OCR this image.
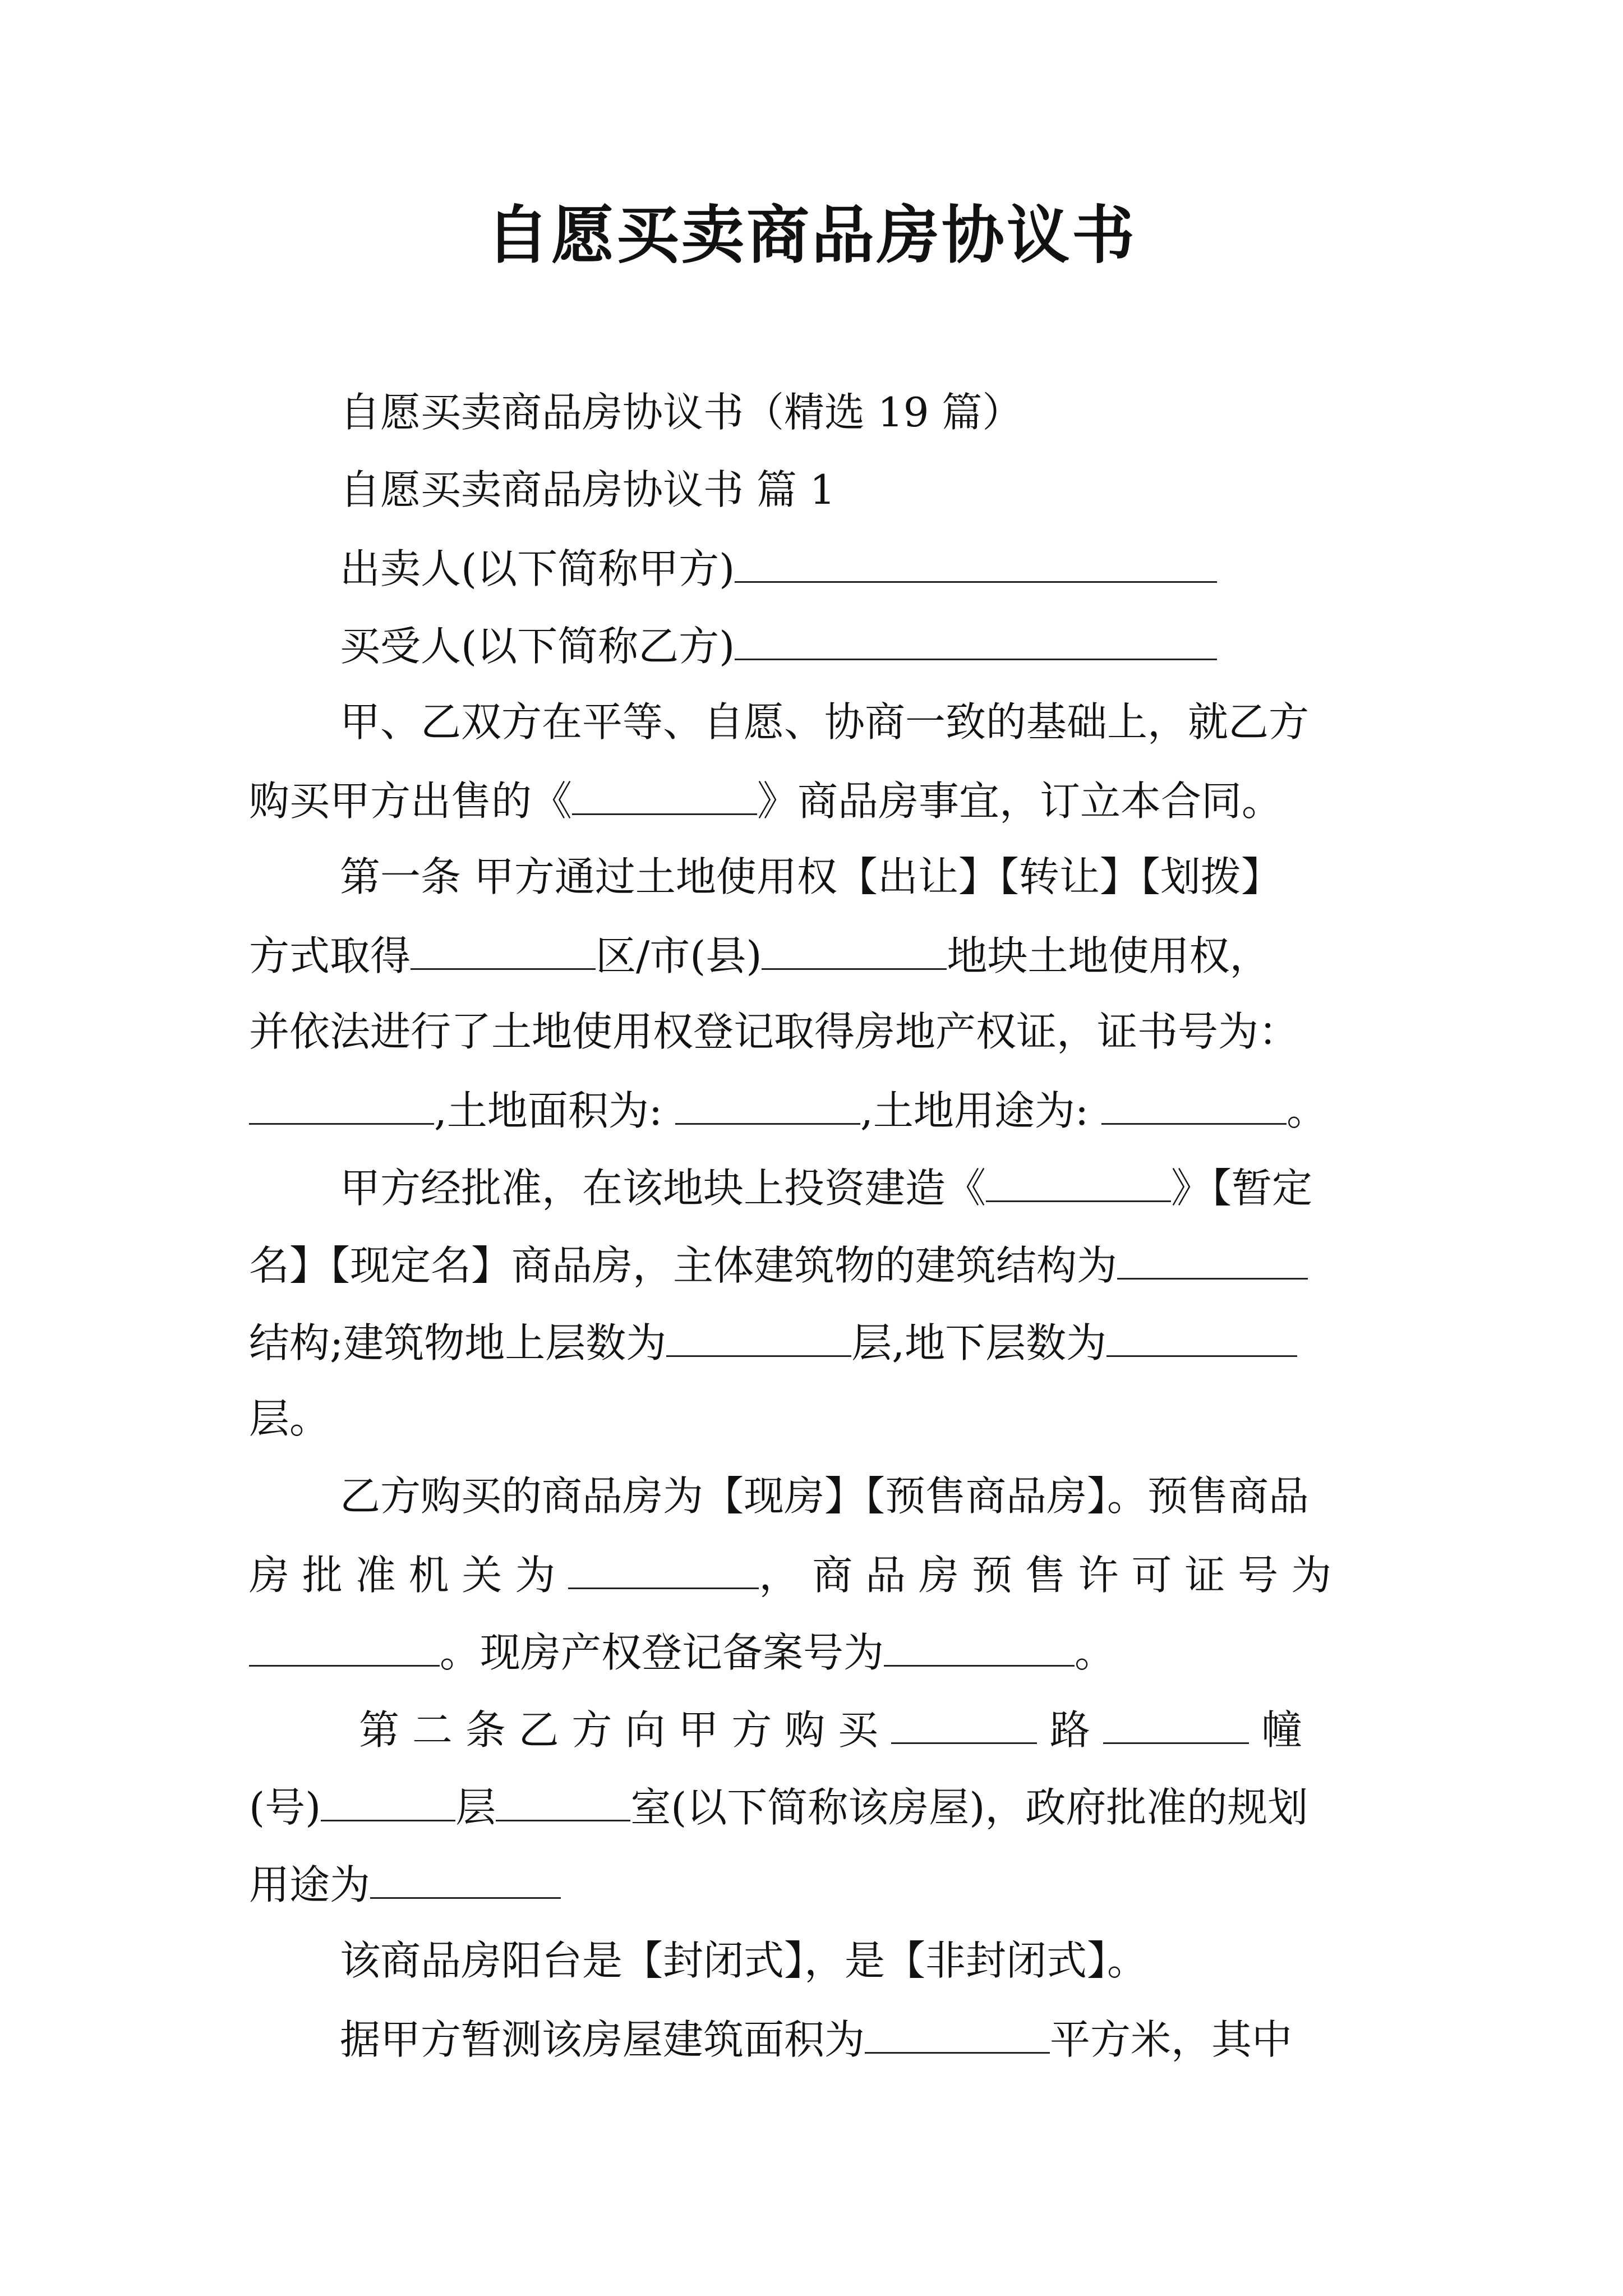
自愿买卖商品房协议书
自愿买卖商品房协议书（精选 19 篇）
自愿买卖商品房协议书 篇 1
出卖人(以下简称甲方)
买受人(以下简称乙方)
甲、乙双方在平等、自愿、协商一致的基础上，就乙方
购买甲方出售的《	》商品房事宜，订立本合同。
第一条 甲方通过土地使用权【出让】【转让】【划拨】
方式取得	区/市(县)	地块土地使用权，
并依法进行了土地使用权登记取得房地产权证，证书号为：
,土地面积为:	,土地用途为:	。
甲方经批准，在该地块上投资建造《	》【暂定
名】【现定名】商品房，主体建筑物的建筑结构为
结构;建筑物地上层数为	层,地下层数为
层。
乙方购买的商品房为【现房】【预售商品房】。预售商品
房 批 准 机 关 为	， 商 品 房 预 售 许 可 证 号 为
。现房产权登记备案号为	。
第 二 条 乙 方 向 甲 方 购 买	路	幢
(号)	层	室(以下简称该房屋)，政府批准的规划
用途为
该商品房阳台是【封闭式】，是【非封闭式】。
据甲方暂测该房屋建筑面积为	平方米，其中
